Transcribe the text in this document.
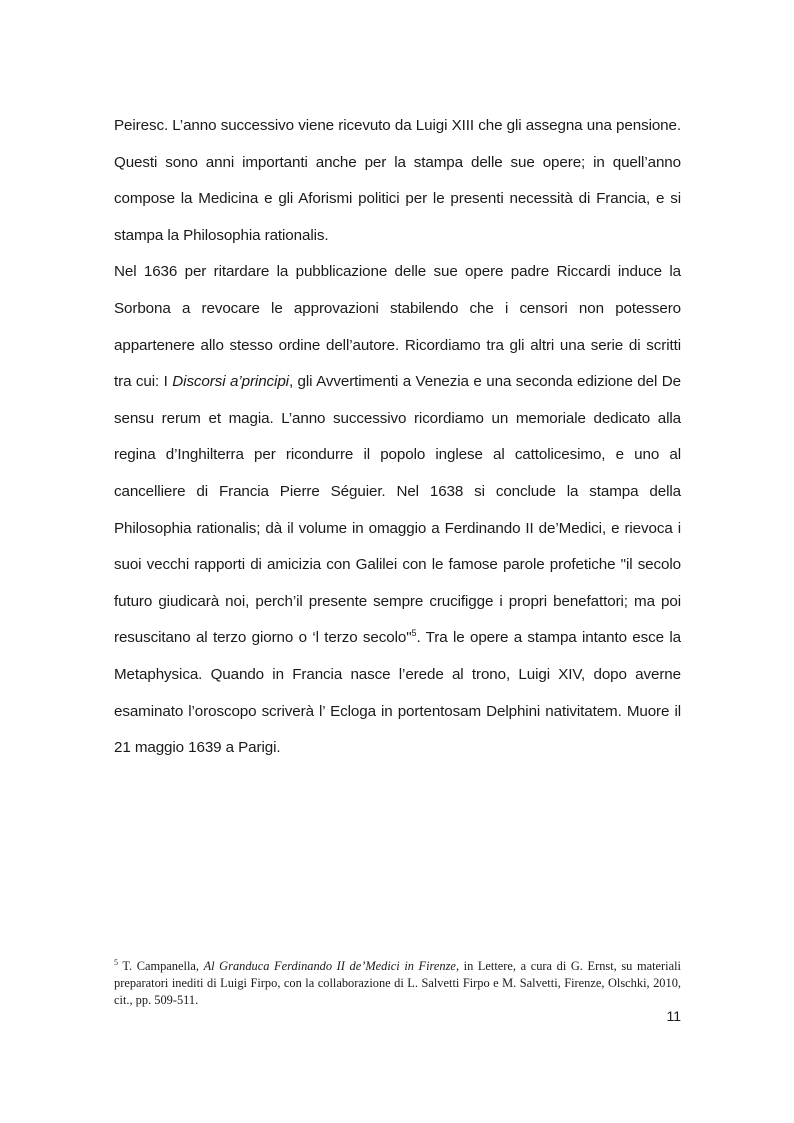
Peiresc. L’anno successivo viene ricevuto da Luigi XIII che gli assegna una pensione. Questi sono anni importanti anche per la stampa delle sue opere; in quell’anno compose la Medicina e gli Aforismi politici per le presenti necessità di Francia, e si stampa la Philosophia rationalis.

Nel 1636 per ritardare la pubblicazione delle sue opere padre Riccardi induce la Sorbona a revocare le approvazioni stabilendo che i censori non potessero appartenere allo stesso ordine dell’autore. Ricordiamo tra gli altri una serie di scritti tra cui: I Discorsi a’principi, gli Avvertimenti a Venezia e una seconda edizione del De sensu rerum et magia. L’anno successivo ricordiamo un memoriale dedicato alla regina d’Inghilterra per ricondurre il popolo inglese al cattolicesimo, e uno al cancelliere di Francia Pierre Séguier. Nel 1638 si conclude la stampa della Philosophia rationalis; dà il volume in omaggio a Ferdinando II de’Medici, e rievoca i suoi vecchi rapporti di amicizia con Galilei con le famose parole profetiche "il secolo futuro giudicarà noi, perch’il presente sempre crucifigge i propri benefattori; ma poi resuscitano al terzo giorno o ‘l terzo secolo"$^5$. Tra le opere a stampa intanto esce la Metaphysica. Quando in Francia nasce l’erede al trono, Luigi XIV, dopo averne esaminato l’oroscopo scriverà l’ Ecloga in portentosam Delphini nativitatem. Muore il 21 maggio 1639 a Parigi.

$^5$ T. Campanella, Al Granduca Ferdinando II de’Medici in Firenze, in Lettere, a cura di G. Ernst, su materiali preparatori inediti di Luigi Firpo, con la collaborazione di L. Salvetti Firpo e M. Salvetti, Firenze, Olschki, 2010, cit., pp. 509-511.
11
